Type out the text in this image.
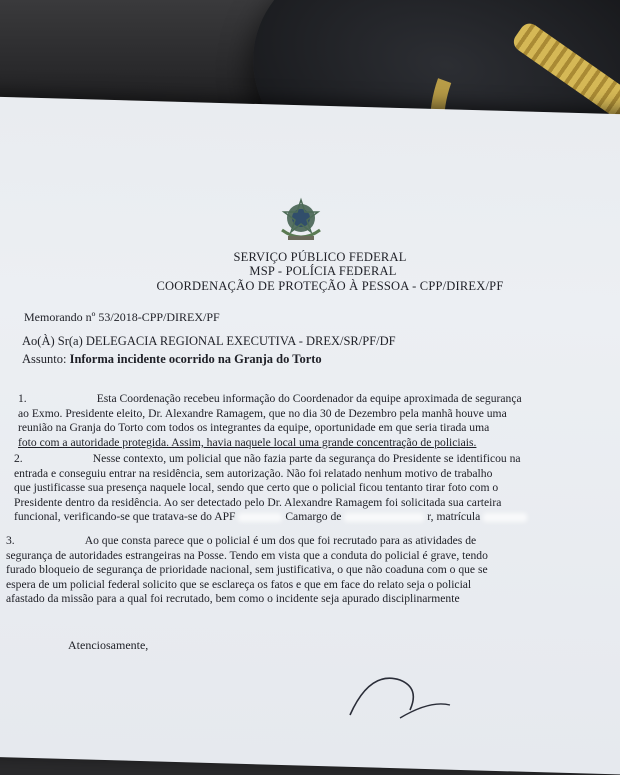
SERVIÇO PÚBLICO FEDERAL
MSP - POLÍCIA FEDERAL
COORDENAÇÃO DE PROTEÇÃO À PESSOA - CPP/DIREX/PF
Memorando nº 53/2018-CPP/DIREX/PF
Ao(À) Sr(a) DELEGACIA REGIONAL EXECUTIVA - DREX/SR/PF/DF
Assunto: Informa incidente ocorrido na Granja do Torto
1.	Esta Coordenação recebeu informação do Coordenador da equipe aproximada de segurança
ao Exmo. Presidente eleito, Dr. Alexandre Ramagem, que no dia 30 de Dezembro pela manhã houve uma
reunião na Granja do Torto com todos os integrantes da equipe, oportunidade em que seria tirada uma
foto com a autoridade protegida. Assim, havia naquele local uma grande concentração de policiais.
2.	Nesse contexto, um policial que não fazia parte da segurança do Presidente se identificou na
entrada e conseguiu entrar na residência, sem autorização. Não foi relatado nenhum motivo de trabalho
que justificasse sua presença naquele local, sendo que certo que o policial ficou tentanto tirar foto com o
Presidente dentro da residência. Ao ser detectado pelo Dr. Alexandre Ramagem foi solicitada sua carteira
funcional, verificando-se que tratava-se do APF	Camargo de	r, matrícula
3.	Ao que consta parece que o policial é um dos que foi recrutado para as atividades de
segurança de autoridades estrangeiras na Posse. Tendo em vista que a conduta do policial é grave, tendo
furado bloqueio de segurança de prioridade nacional, sem justificativa, o que não coaduna com o que se
espera de um policial federal solicito que se esclareça os fatos e que em face do relato seja o policial
afastado da missão para a qual foi recrutado, bem como o incidente seja apurado disciplinarmente
Atenciosamente,
